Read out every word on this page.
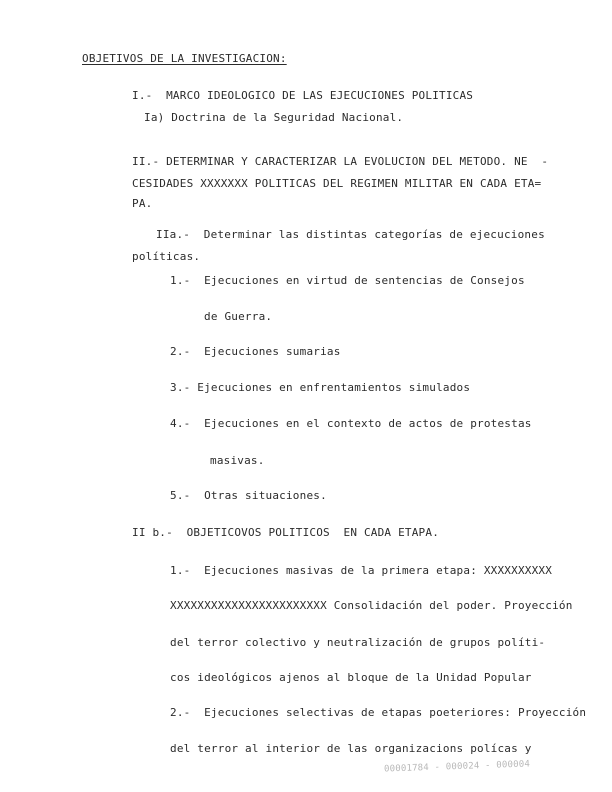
OBJETIVOS DE LA INVESTIGACION:
I.-  MARCO IDEOLOGICO DE LAS EJECUCIONES POLITICAS
Ia) Doctrina de la Seguridad Nacional.
II.- DETERMINAR Y CARACTERIZAR LA EVOLUCION DEL METODO. NE  -
CESIDADES XXXXXXX POLITICAS DEL REGIMEN MILITAR EN CADA ETA=
PA.
IIa.-  Determinar las distintas categorías de ejecuciones
políticas.
1.-  Ejecuciones en virtud de sentencias de Consejos
de Guerra.
2.-  Ejecuciones sumarias
3.- Ejecuciones en enfrentamientos simulados
4.-  Ejecuciones en el contexto de actos de protestas
masivas.
5.-  Otras situaciones.
II b.-  OBJETICOVOS POLITICOS  EN CADA ETAPA.
1.-  Ejecuciones masivas de la primera etapa: XXXXXXXXXX
XXXXXXXXXXXXXXXXXXXXXXX Consolidación del poder. Proyección
del terror colectivo y neutralización de grupos políti-
cos ideológicos ajenos al bloque de la Unidad Popular
2.-  Ejecuciones selectivas de etapas poeteriores: Proyección
del terror al interior de las organizacions polícas y
00001784 - 000024 - 000004
